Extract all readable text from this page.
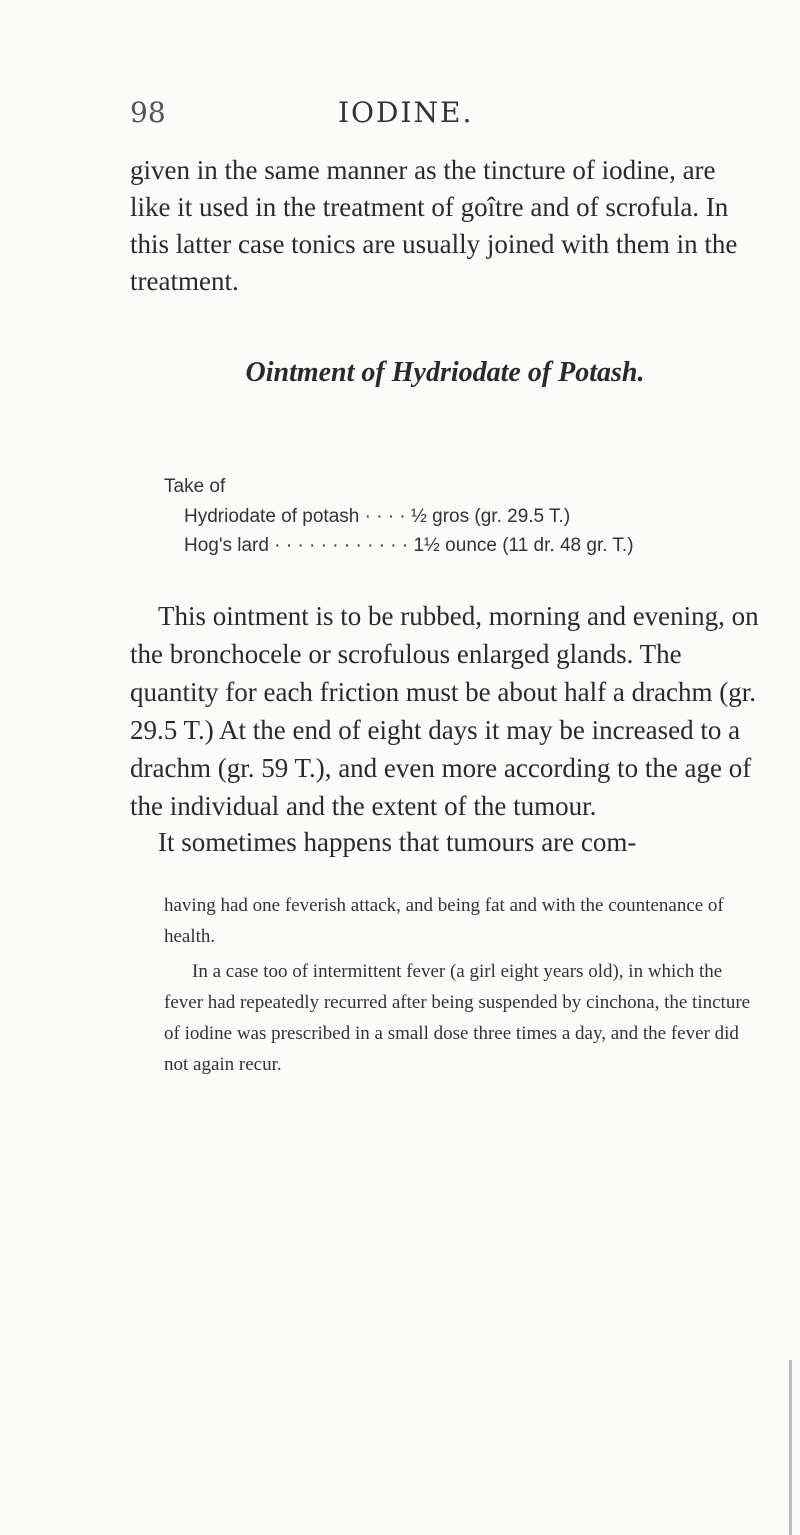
98	IODINE.

given in the same manner as the tincture of iodine, are like it used in the treatment of goître and of scrofula. In this latter case tonics are usually joined with them in the treatment.

Ointment of Hydriodate of Potash.
Take of
Hydriodate of potash · · · · ½ gros (gr. 29.5 T.)
Hog's lard · · · · · · · · · · · · 1½ ounce (11 dr. 48 gr. T.)

This ointment is to be rubbed, morning and evening, on the bronchocele or scrofulous enlarged glands. The quantity for each friction must be about half a drachm (gr. 29.5 T.) At the end of eight days it may be increased to a drachm (gr. 59 T.), and even more according to the age of the individual and the extent of the tumour.

It sometimes happens that tumours are com-

having had one feverish attack, and being fat and with the countenance of health.

In a case too of intermittent fever (a girl eight years old), in which the fever had repeatedly recurred after being suspended by cinchona, the tincture of iodine was prescribed in a small dose three times a day, and the fever did not again recur.
